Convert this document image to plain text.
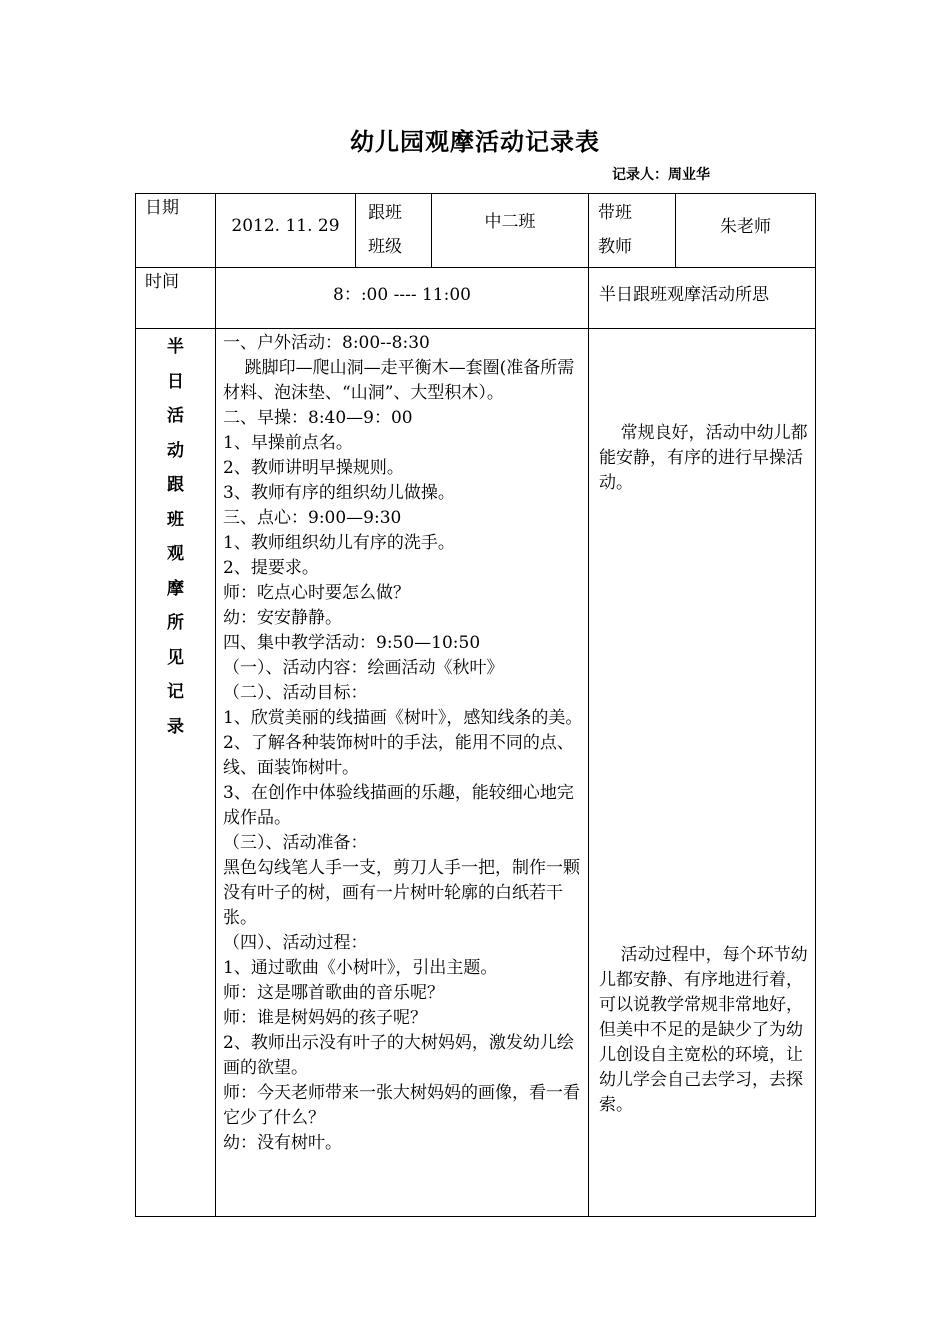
幼儿园观摩活动记录表
记录人：周业华
日期
2012. 11. 29
跟班
班级
中二班	带班
教师
朱老师
时间
8：:00 ---- 11:00	半日跟班观摩活动所思
半
日
活
动
跟
班
观
摩
所
见
记
录

一、户外活动：8:00--8:30

跳脚印—爬山洞—走平衡木—套圈(准备所需材料、泡沫垫、“山洞”、大型积木）。

二、早操：8:40—9：00

1、早操前点名。

2、教师讲明早操规则。

3、教师有序的组织幼儿做操。

三、点心：9:00—9:30

1、教师组织幼儿有序的洗手。

2、提要求。

师：吃点心时要怎么做？

幼：安安静静。

四、集中教学活动：9:50—10:50

（一）、活动内容：绘画活动《秋叶》

（二）、活动目标：

1、欣赏美丽的线描画《树叶》，感知线条的美。

2、了解各种装饰树叶的手法，能用不同的点、线、面装饰树叶。

3、在创作中体验线描画的乐趣，能较细心地完成作品。

（三）、活动准备：

黑色勾线笔人手一支，剪刀人手一把，制作一颗没有叶子的树，画有一片树叶轮廓的白纸若干张。

（四）、活动过程：

1、通过歌曲《小树叶》，引出主题。

师：这是哪首歌曲的音乐呢？

师：谁是树妈妈的孩子呢？

2、教师出示没有叶子的大树妈妈，激发幼儿绘画的欲望。

师：今天老师带来一张大树妈妈的画像，看一看它少了什么？

幼：没有树叶。

常规良好，活动中幼儿都能安静，有序的进行早操活动。

活动过程中，每个环节幼儿都安静、有序地进行着，可以说教学常规非常地好，但美中不足的是缺少了为幼儿创设自主宽松的环境，让幼儿学会自己去学习，去探索。
